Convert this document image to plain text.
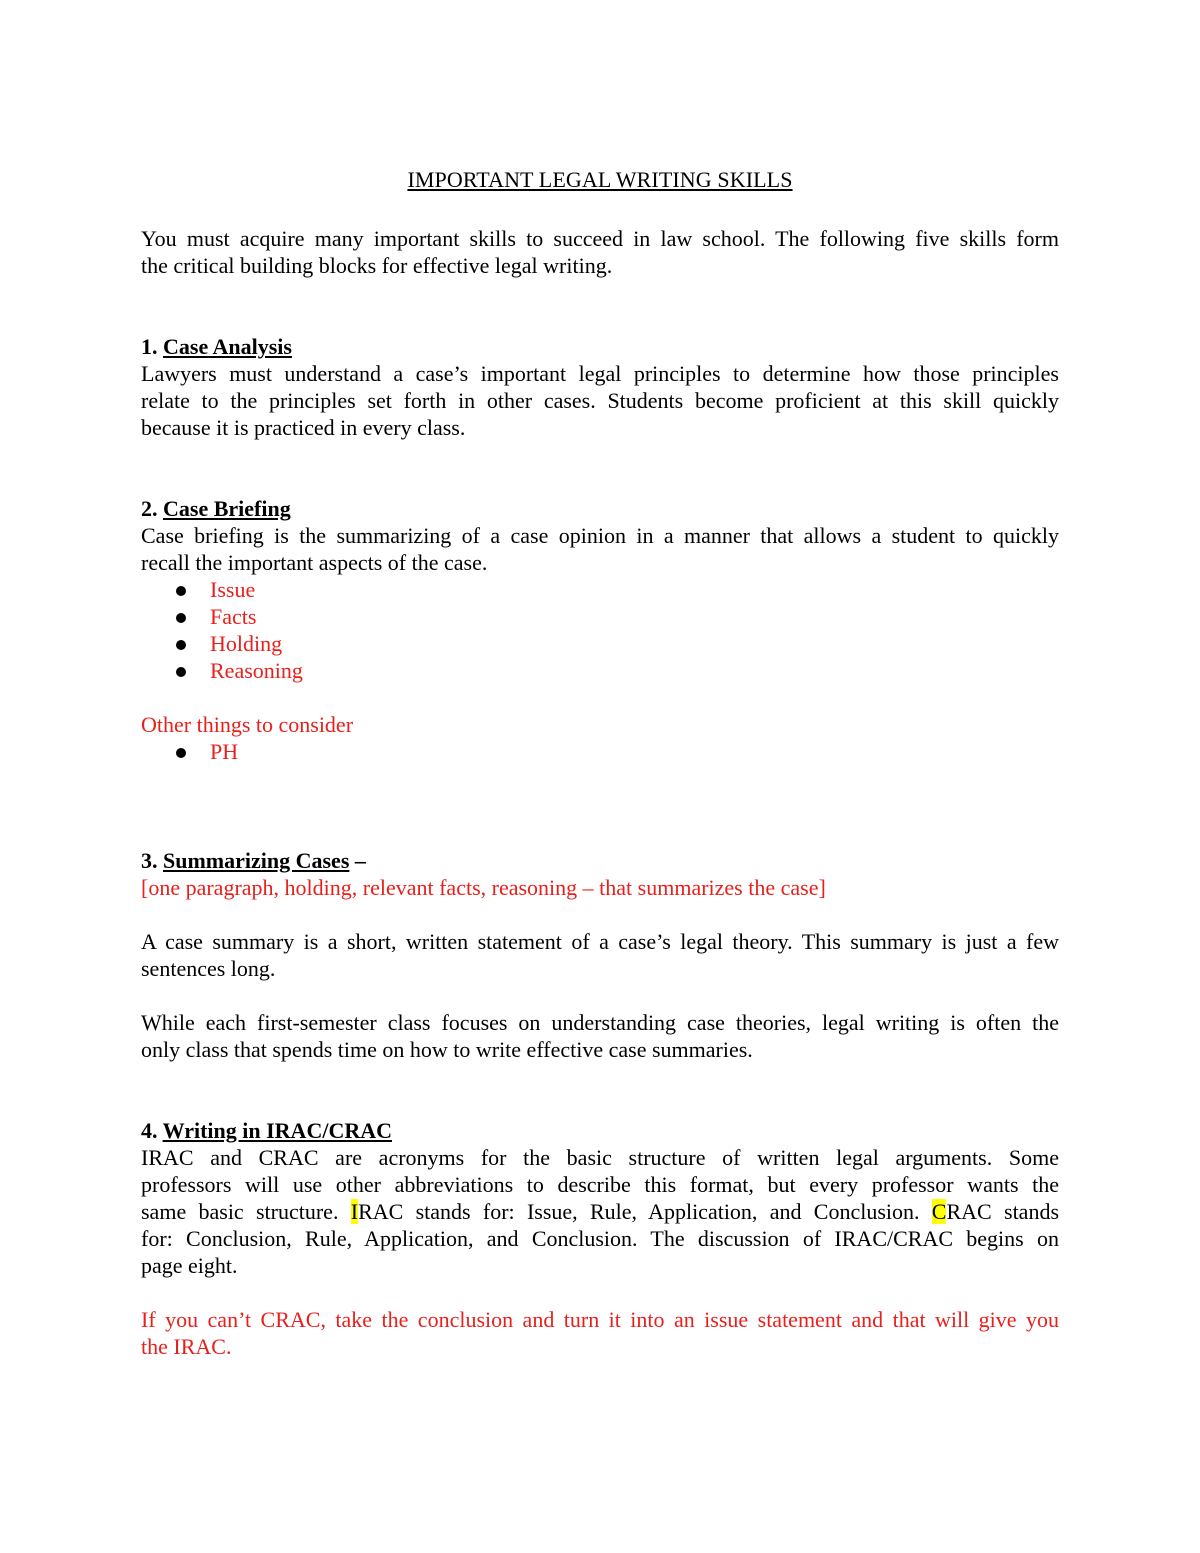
IMPORTANT LEGAL WRITING SKILLS
You must acquire many important skills to succeed in law school. The following five skills form
the critical building blocks for effective legal writing.
1. Case Analysis
Lawyers must understand a case’s important legal principles to determine how those principles
relate to the principles set forth in other cases. Students become proficient at this skill quickly
because it is practiced in every class.
2. Case Briefing
Case briefing is the summarizing of a case opinion in a manner that allows a student to quickly
recall the important aspects of the case.
Issue
Facts
Holding
Reasoning
Other things to consider
PH
3. Summarizing Cases –
[one paragraph, holding, relevant facts, reasoning – that summarizes the case]
A case summary is a short, written statement of a case’s legal theory. This summary is just a few
sentences long.
While each first-semester class focuses on understanding case theories, legal writing is often the
only class that spends time on how to write effective case summaries.
4. Writing in IRAC/CRAC
IRAC and CRAC are acronyms for the basic structure of written legal arguments. Some
professors will use other abbreviations to describe this format, but every professor wants the
same basic structure. IRAC stands for: Issue, Rule, Application, and Conclusion. CRAC stands
for: Conclusion, Rule, Application, and Conclusion. The discussion of IRAC/CRAC begins on
page eight.
If you can’t CRAC, take the conclusion and turn it into an issue statement and that will give you
the IRAC.
